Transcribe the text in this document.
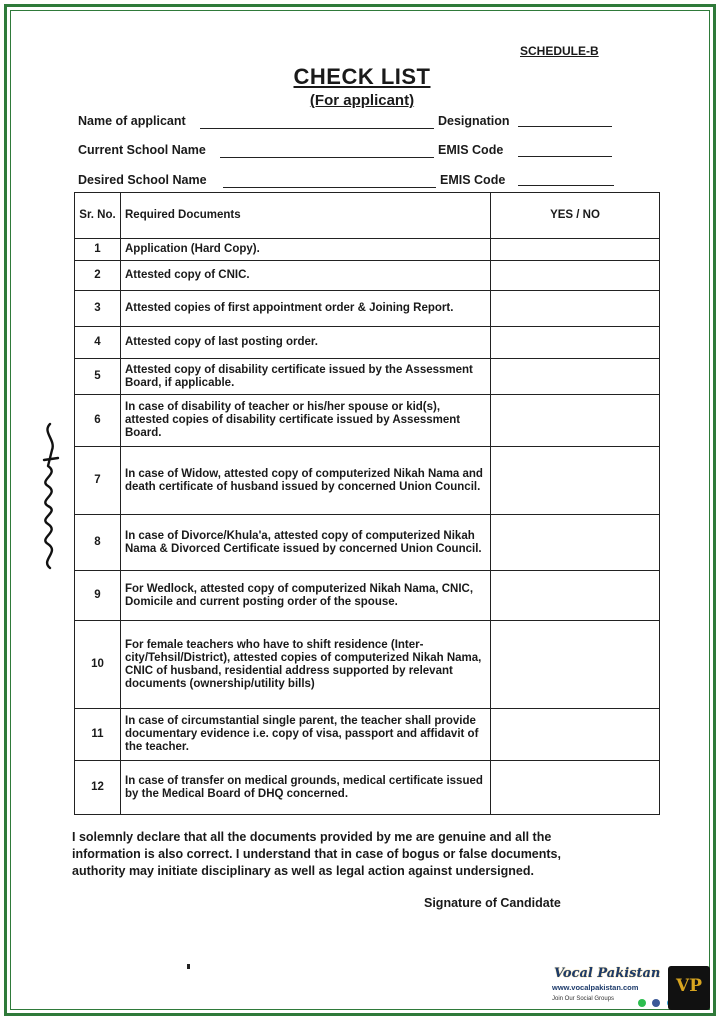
SCHEDULE-B
CHECK LIST
(For applicant)
Name of applicant	Designation
Current School Name	EMIS Code
Desired School Name	EMIS Code
Sr. No.	Required Documents	YES / NO
1	Application (Hard Copy).	
2	Attested copy of CNIC.	
3	Attested copies of first appointment order & Joining Report.	
4	Attested copy of last posting order.	
5	Attested copy of disability certificate issued by the Assessment Board, if applicable.	
6	In case of disability of teacher or his/her spouse or kid(s), attested copies of disability certificate issued by Assessment Board.	
7	In case of Widow, attested copy of computerized Nikah Nama and death certificate of husband issued by concerned Union Council.	
8	In case of Divorce/Khula'a, attested copy of computerized Nikah Nama & Divorced Certificate issued by concerned Union Council.	
9	For Wedlock, attested copy of computerized Nikah Nama, CNIC, Domicile and current posting order of the spouse.	
10	For female teachers who have to shift residence (Inter-city/Tehsil/District), attested copies of computerized Nikah Nama, CNIC of husband, residential address supported by relevant documents (ownership/utility bills)	
11	In case of circumstantial single parent, the teacher shall provide documentary evidence i.e. copy of visa, passport and affidavit of the teacher.	
12	In case of transfer on medical grounds, medical certificate issued by the Medical Board of DHQ concerned.	
I solemnly declare that all the documents provided by me are genuine and all the information is also correct. I understand that in case of bogus or false documents, authority may initiate disciplinary as well as legal action against undersigned.
Signature of Candidate
Vocal Pakistan
www.vocalpakistan.com
Join Our Social Groups

VP
